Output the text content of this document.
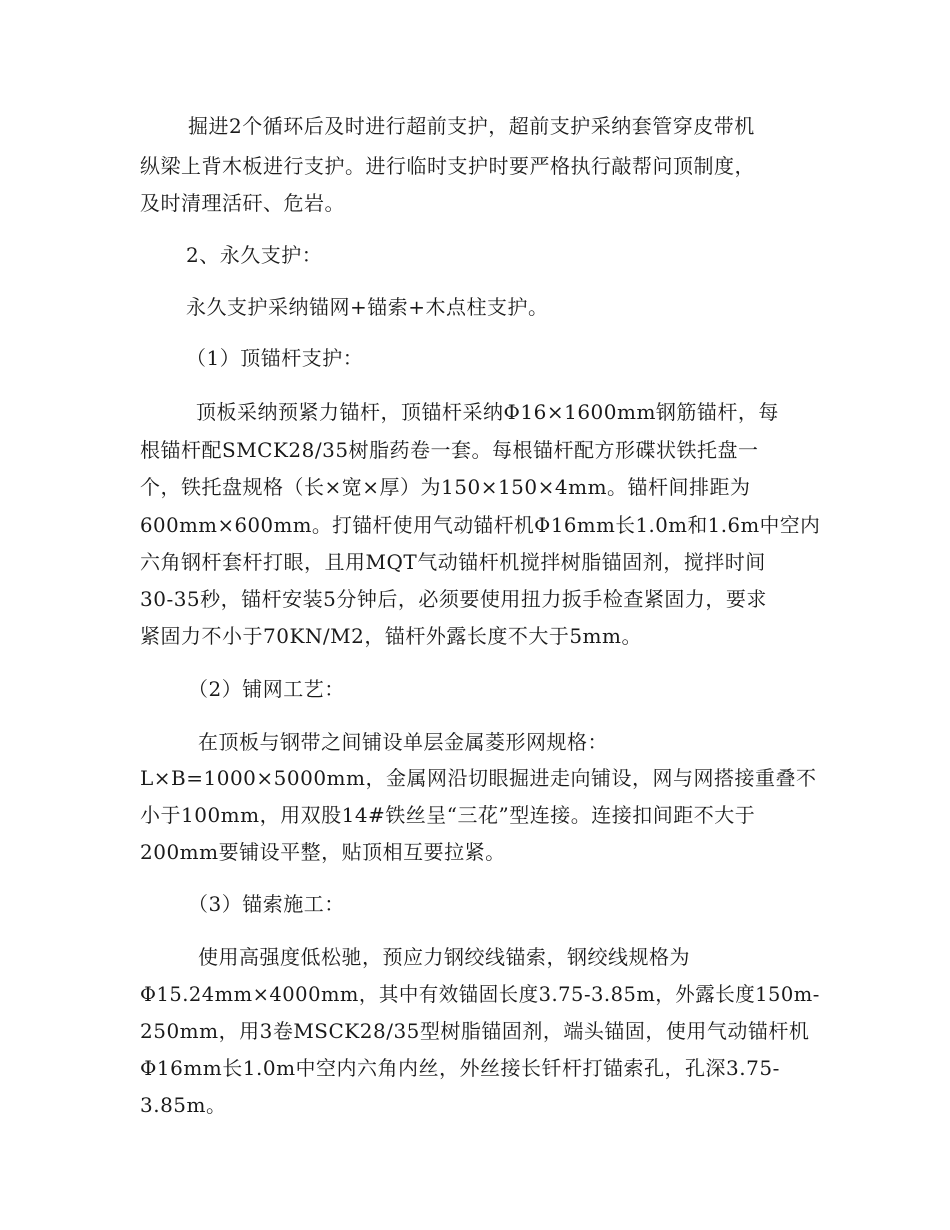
掘进2个循环后及时进行超前支护，超前支护采纳套管穿皮带机
纵梁上背木板进行支护。进行临时支护时要严格执行敲帮问顶制度，
及时清理活矸、危岩。
2、永久支护：
永久支护采纳锚网+锚索+木点柱支护。
（1）顶锚杆支护：
顶板采纳预紧力锚杆，顶锚杆采纳Φ16×1600mm钢筋锚杆，每
根锚杆配SMCK28/35树脂药卷一套。每根锚杆配方形碟状铁托盘一
个，铁托盘规格（长×宽×厚）为150×150×4mm。锚杆间排距为
600mm×600mm。打锚杆使用气动锚杆机Φ16mm长1.0m和1.6m中空内
六角钢杆套杆打眼，且用MQT气动锚杆机搅拌树脂锚固剂，搅拌时间
30-35秒，锚杆安装5分钟后，必须要使用扭力扳手检查紧固力，要求
紧固力不小于70KN/M2，锚杆外露长度不大于5mm。
（2）铺网工艺：
在顶板与钢带之间铺设单层金属菱形网规格：
L×B=1000×5000mm，金属网沿切眼掘进走向铺设，网与网搭接重叠不
小于100mm，用双股14#铁丝呈“三花”型连接。连接扣间距不大于
200mm要铺设平整，贴顶相互要拉紧。
（3）锚索施工：
使用高强度低松驰，预应力钢绞线锚索，钢绞线规格为
Φ15.24mm×4000mm，其中有效锚固长度3.75-3.85m，外露长度150m-
250mm，用3卷MSCK28/35型树脂锚固剂，端头锚固，使用气动锚杆机
Φ16mm长1.0m中空内六角内丝，外丝接长钎杆打锚索孔，孔深3.75-
3.85m。
